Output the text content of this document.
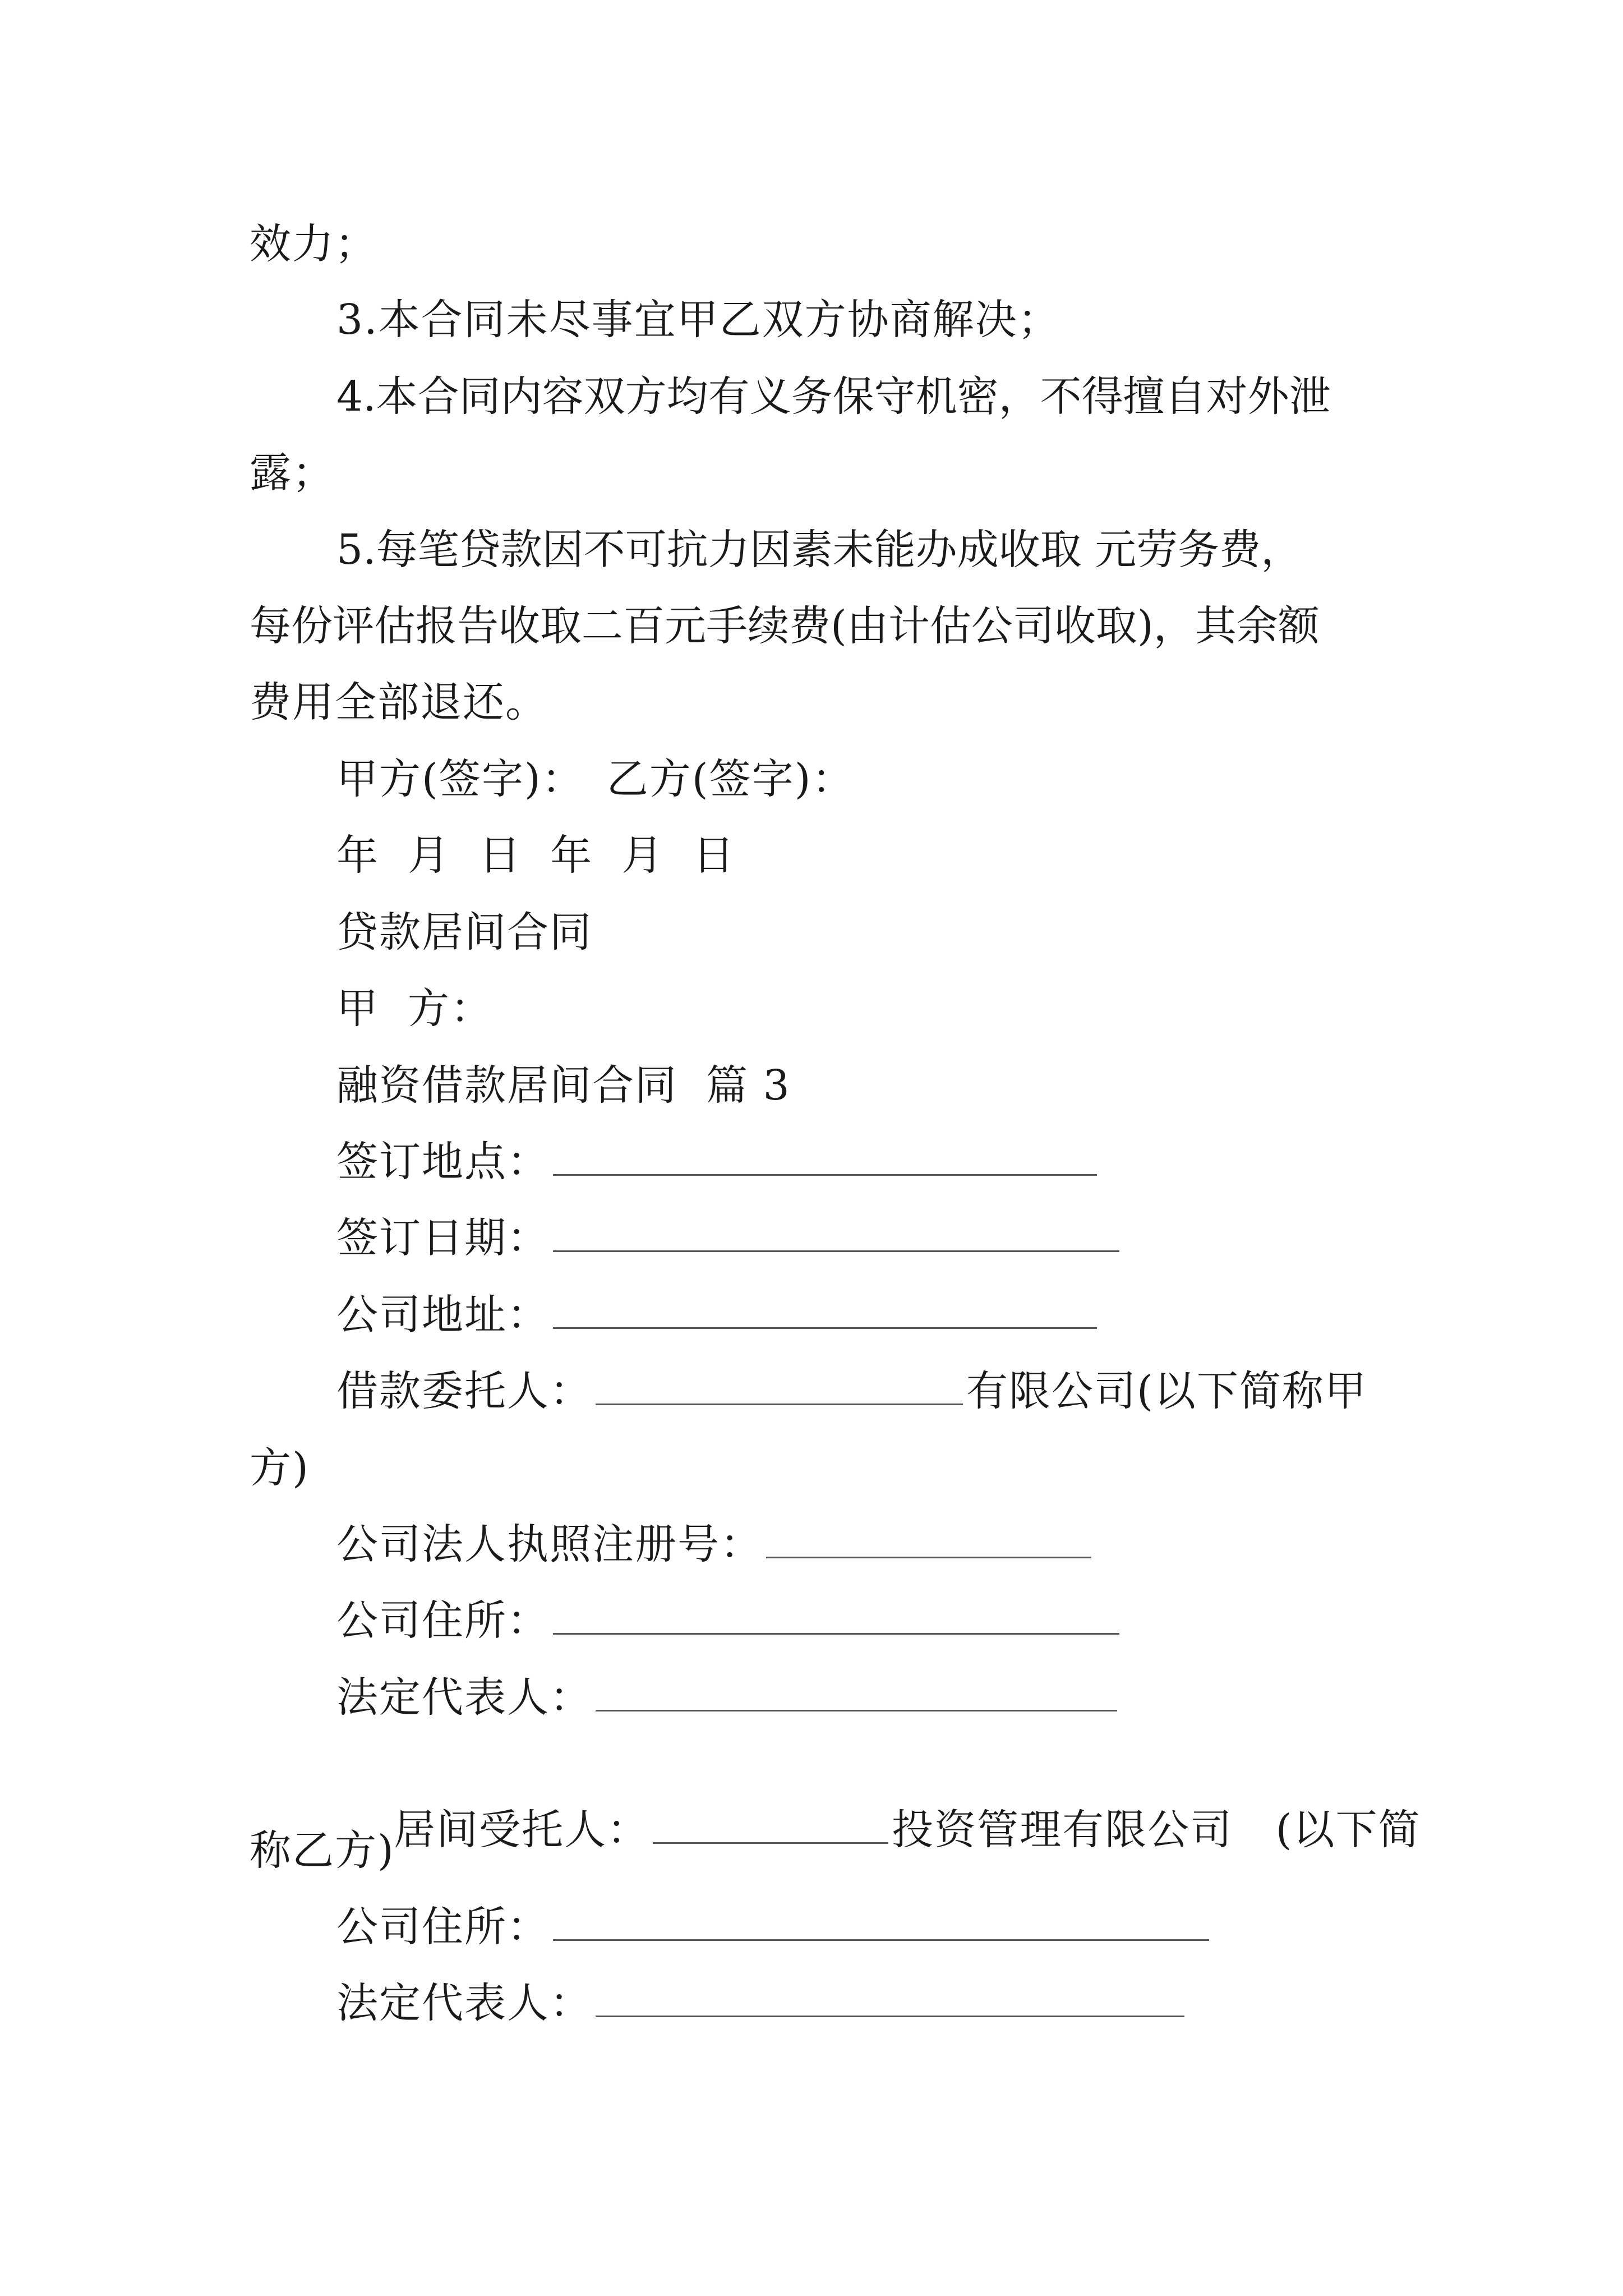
效力；
3.本合同未尽事宜甲乙双方协商解决；
4.本合同内容双方均有义务保守机密，不得擅自对外泄
露；
5.每笔贷款因不可抗力因素未能办成收取 元劳务费，
每份评估报告收取二百元手续费(由计估公司收取)，其余额
费用全部退还。
甲方(签字)： 乙方(签字)：
年  月  日  年  月  日
贷款居间合同
甲  方：
融资借款居间合同  篇 3
签订地点：
签订日期：
公司地址：
借款委托人：	有限公司(以下简称甲
方)
公司法人执照注册号：
公司住所：
法定代表人：

居间受托人：	投资管理有限公司   (以下简

称乙方)
公司住所：
法定代表人：
